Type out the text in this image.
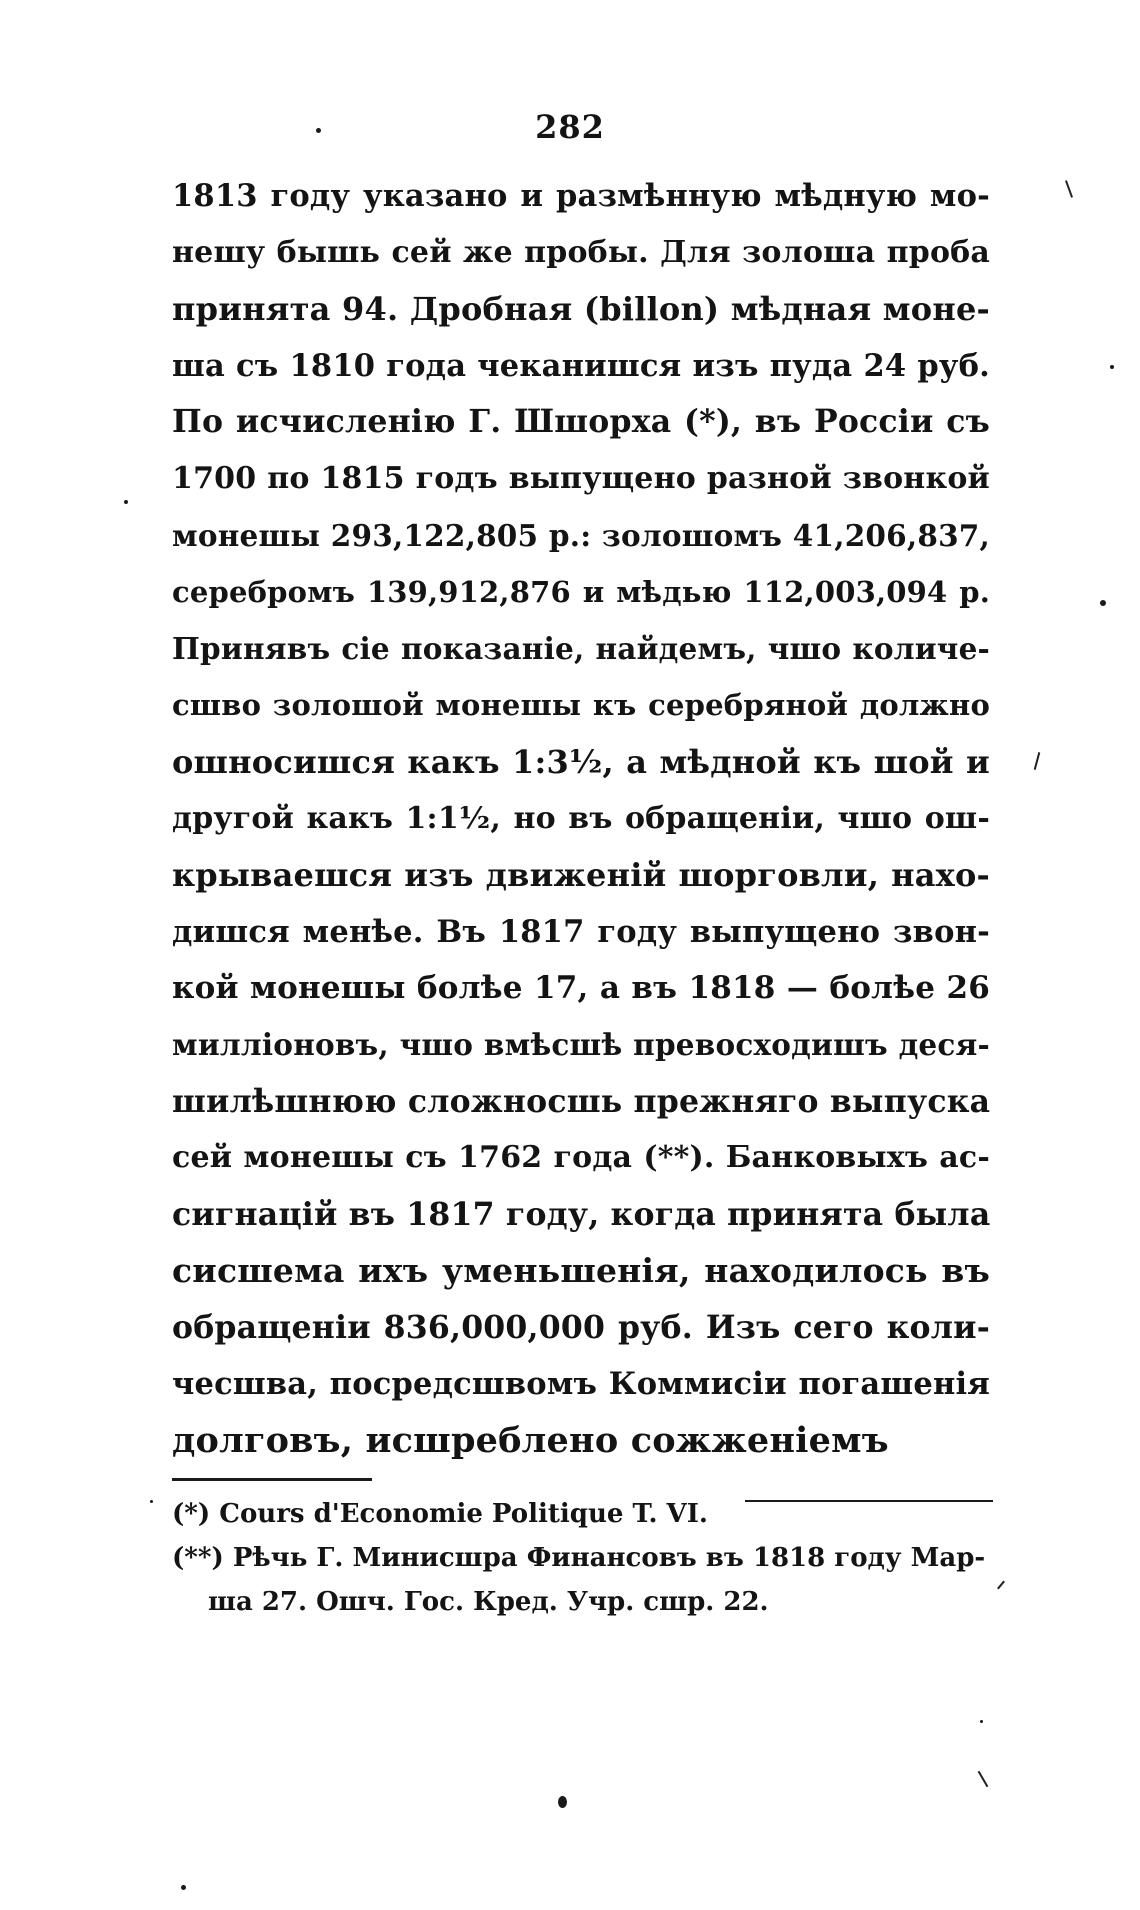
282
1813 году указано и размѣнную мѣдную мо-
нешу бышь сей же пробы. Для золоша проба
принята 94. Дробная (billon) мѣдная моне-
ша съ 1810 года чеканишся изъ пуда 24 руб.
По исчисленію Г. Шшорха (*), въ Россіи съ
1700 по 1815 годъ выпущено разной звонкой
монешы 293,122,805 р.: золошомъ 41,206,837,
серебромъ 139,912,876 и мѣдью 112,003,094 р.
Принявъ сіе показаніе, найдемъ, чшо количе-
сшво золошой монешы къ серебряной должно
ошносишся какъ 1:3½, а мѣдной къ шой и
другой какъ 1:1½, но въ обращеніи, чшо ош-
крываешся изъ движеній шорговли, нахо-
дишся менѣе. Въ 1817 году выпущено звон-
кой монешы болѣе 17, а въ 1818 — болѣе 26
милліоновъ, чшо вмѣсшѣ превосходишъ деся-
шилѣшнюю сложносшь прежняго выпуска
сей монешы съ 1762 года (**). Банковыхъ ас-
сигнацій въ 1817 году, когда принята была
сисшема ихъ уменьшенія, находилось въ
обращеніи 836,000,000 руб. Изъ сего коли-
чесшва, посредсшвомъ Коммисіи погашенія
долговъ, исшреблено сожженіемъ
(*) Cours d'Economie Politique T. VI.
(**) Рѣчь Г. Минисшра Финансовъ въ 1818 году Мар-
ша 27. Ошч. Гос. Кред. Учр. сшр. 22.
